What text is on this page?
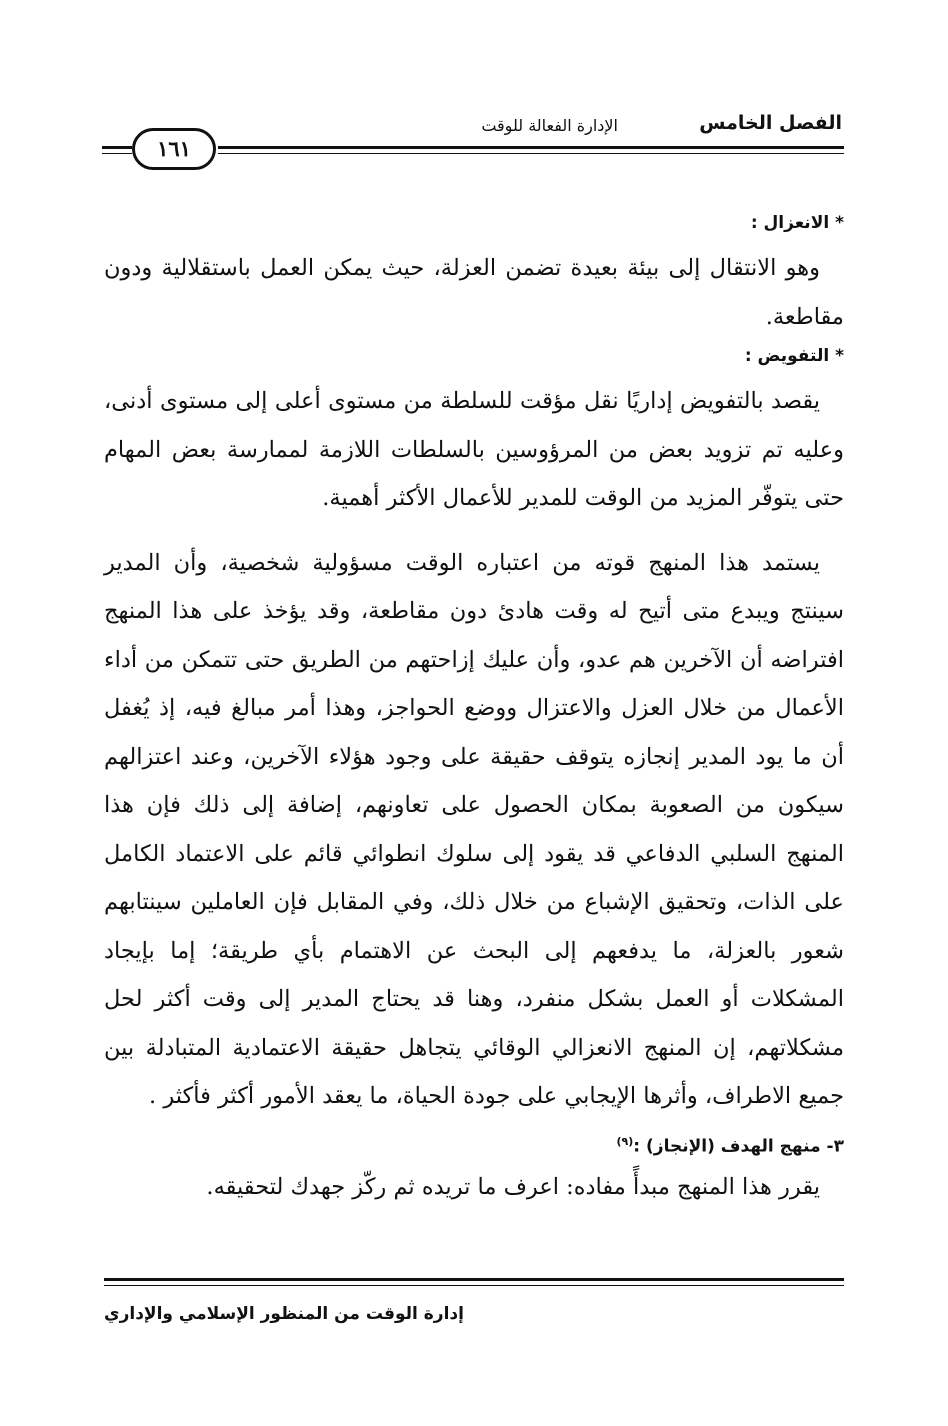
الفصل الخامس
الإدارة الفعالة للوقت
١٦١
* الانعزال :

وهو الانتقال إلى بيئة بعيدة تضمن العزلة، حيث يمكن العمل باستقلالية ودون مقاطعة.

* التفويض :

يقصد بالتفويض إداريًا نقل مؤقت للسلطة من مستوى أعلى إلى مستوى أدنى، وعليه تم تزويد بعض من المرؤوسين بالسلطات اللازمة لممارسة بعض المهام حتى يتوفّر المزيد من الوقت للمدير للأعمال الأكثر أهمية.

يستمد هذا المنهج قوته من اعتباره الوقت مسؤولية شخصية، وأن المدير سينتج ويبدع متى أتيح له وقت هادئ دون مقاطعة، وقد يؤخذ على هذا المنهج افتراضه أن الآخرين هم عدو، وأن عليك إزاحتهم من الطريق حتى تتمكن من أداء الأعمال من خلال العزل والاعتزال ووضع الحواجز، وهذا أمر مبالغ فيه، إذ يُغفل أن ما يود المدير إنجازه يتوقف حقيقة على وجود هؤلاء الآخرين، وعند اعتزالهم سيكون من الصعوبة بمكان الحصول على تعاونهم، إضافة إلى ذلك فإن هذا المنهج السلبي الدفاعي قد يقود إلى سلوك انطوائي قائم على الاعتماد الكامل على الذات، وتحقيق الإشباع من خلال ذلك، وفي المقابل فإن العاملين سينتابهم شعور بالعزلة، ما يدفعهم إلى البحث عن الاهتمام بأي طريقة؛ إما بإيجاد المشكلات أو العمل بشكل منفرد، وهنا قد يحتاج المدير إلى وقت أكثر لحل مشكلاتهم، إن المنهج الانعزالي الوقائي يتجاهل حقيقة الاعتمادية المتبادلة بين جميع الاطراف، وأثرها الإيجابي على جودة الحياة، ما يعقد الأمور أكثر فأكثر .

٣- منهج الهدف (الإنجاز) :$^{(٩)}$

يقرر هذا المنهج مبدأً مفاده: اعرف ما تريده ثم ركّز جهدك لتحقيقه.

إدارة الوقت من المنظور الإسلامي والإداري
